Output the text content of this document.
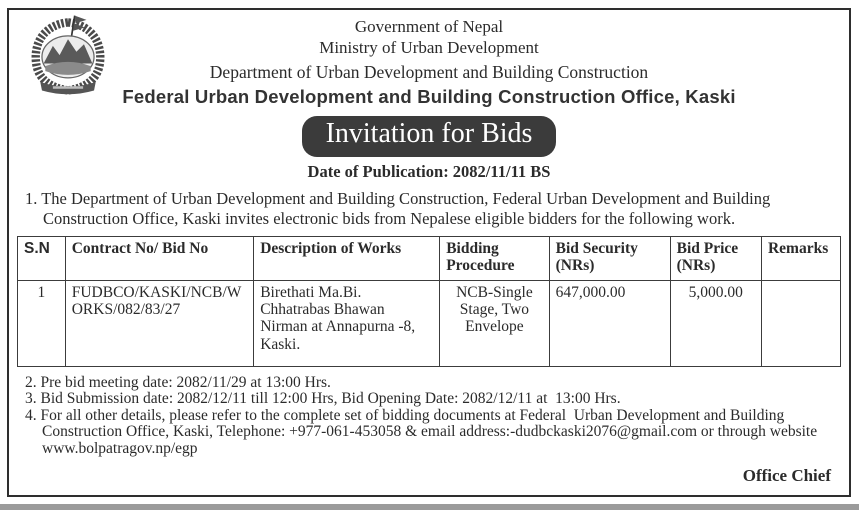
Government of Nepal
Ministry of Urban Development
Department of Urban Development and Building Construction
Federal Urban Development and Building Construction Office, Kaski
Invitation for Bids
Date of Publication: 2082/11/11 BS
1. The Department of Urban Development and Building Construction, Federal Urban Development and Building Construction Office, Kaski invites electronic bids from Nepalese eligible bidders for the following work.
S.N	Contract No/ Bid No	Description of Works	Bidding Procedure	Bid Security (NRs)	Bid Price (NRs)	Remarks
1	FUDBCO/KASKI/NCB/WORKS/082/83/27	Birethati Ma.Bi. Chhatrabas Bhawan Nirman at Annapurna -8, Kaski.	NCB-Single Stage, Two Envelope	647,000.00	5,000.00	
2. Pre bid meeting date: 2082/11/29 at 13:00 Hrs.
3. Bid Submission date: 2082/12/11 till 12:00 Hrs, Bid Opening Date: 2082/12/11 at  13:00 Hrs.
4. For all other details, please refer to the complete set of bidding documents at Federal  Urban Development and Building Construction Office, Kaski, Telephone: +977-061-453058 & email address:-dudbckaski2076@gmail.com or through website www.bolpatragov.np/egp
Office Chief
